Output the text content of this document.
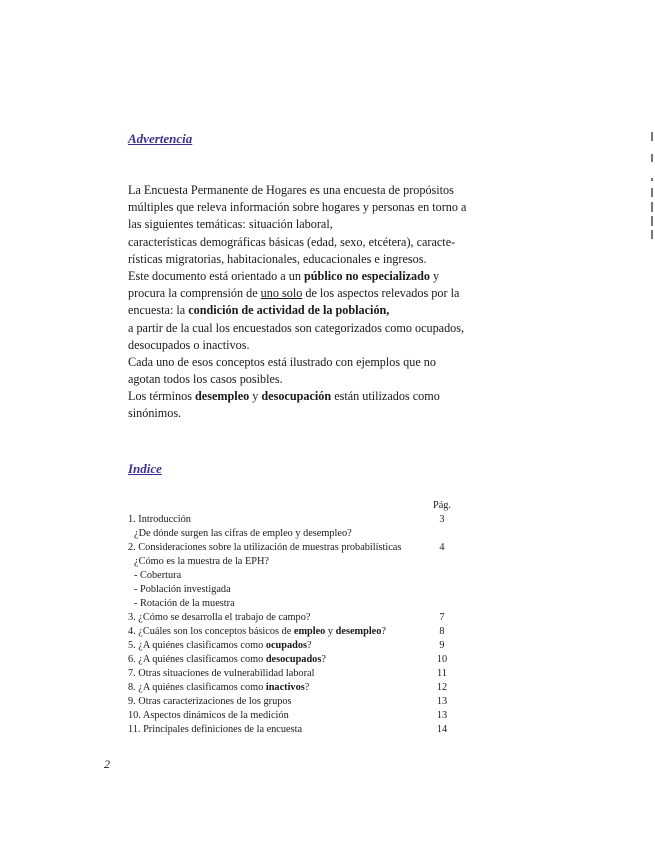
Advertencia
La Encuesta Permanente de Hogares es una encuesta de propósitos
múltiples que releva información sobre hogares y personas en torno a
las siguientes temáticas: situación laboral,
características demográficas básicas (edad, sexo, etcétera), caracte-
rísticas migratorias, habitacionales, educacionales e ingresos.
Este documento está orientado a un público no especializado y
procura la comprensión de uno solo de los aspectos relevados por la
encuesta: la condición de actividad de la población,
a partir de la cual los encuestados son categorizados como ocupados,
desocupados o inactivos.
Cada uno de esos conceptos está ilustrado con ejemplos que no
agotan todos los casos posibles.
Los términos desempleo y desocupación están utilizados como
sinónimos.
Indice
Pág.
1. Introducción	3
¿De dónde surgen las cifras de empleo y desempleo?
2. Consideraciones sobre la utilización de muestras probabilísticas	4
¿Cómo es la muestra de la EPH?
- Cobertura
- Población investigada
- Rotación de la muestra
3. ¿Cómo se desarrolla el trabajo de campo?	7
4. ¿Cuáles son los conceptos básicos de empleo y desempleo?	8
5. ¿A quiénes clasificamos como ocupados?	9
6. ¿A quiénes clasificamos como desocupados?	10
7. Otras situaciones de vulnerabilidad laboral	11
8. ¿A quiénes clasificamos como inactivos?	12
9. Otras caracterizaciones de los grupos	13
10. Aspectos dinámicos de la medición	13
11. Principales definiciones de la encuesta	14
2
